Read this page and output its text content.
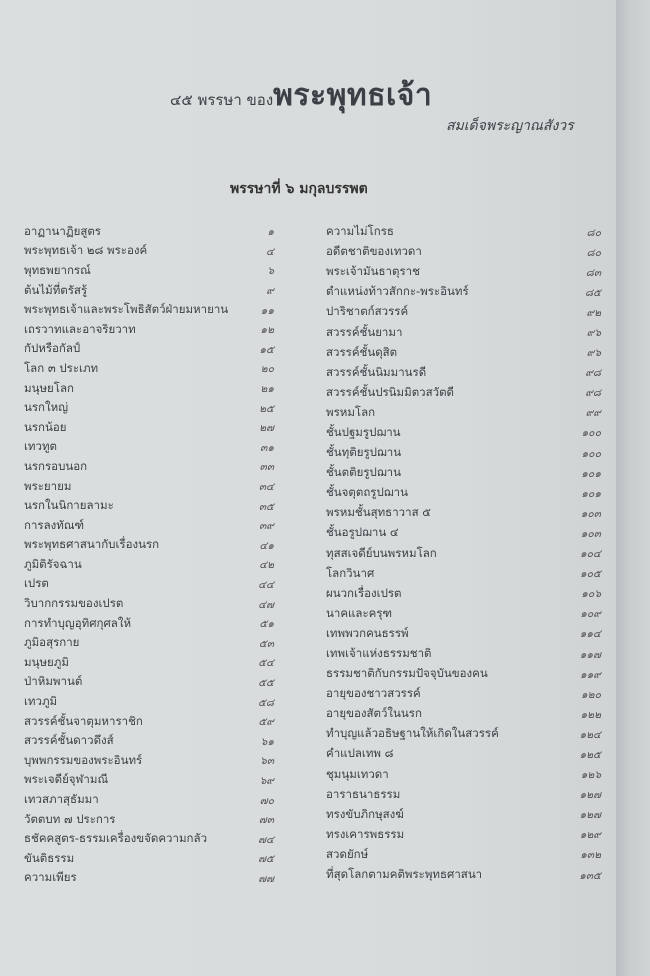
๔๕ พรรษา ของพระพุทธเจ้า
สมเด็จพระญาณสังวร
พรรษาที่ ๖ มกุลบรรพต
อาฏานาฏิยสูตร	๑
พระพุทธเจ้า ๒๘ พระองค์	๔
พุทธพยากรณ์	๖
ต้นไม้ที่ตรัสรู้	๙
พระพุทธเจ้าและพระโพธิสัตว์ฝ่ายมหายาน	๑๑
เถรวาทและอาจริยวาท	๑๒
กัปหรือกัลป์	๑๕
โลก ๓ ประเภท	๒๐
มนุษยโลก	๒๑
นรกใหญ่	๒๕
นรกน้อย	๒๗
เทวทูต	๓๑
นรกรอบนอก	๓๓
พระยายม	๓๔
นรกในนิกายลามะ	๓๕
การลงทัณฑ์	๓๙
พระพุทธศาสนากับเรื่องนรก	๔๑
ภูมิติรัจฉาน	๔๒
เปรต	๔๔
วิบากกรรมของเปรต	๔๗
การทำบุญอุทิศกุศลให้	๕๑
ภูมิอสุรกาย	๕๓
มนุษยภูมิ	๕๔
ป่าหิมพานต์	๕๕
เทวภูมิ	๕๘
สวรรค์ชั้นจาตุมหาราชิก	๕๙
สวรรค์ชั้นดาวดึงส์	๖๑
บุพพกรรมของพระอินทร์	๖๓
พระเจดีย์จุฬามณี	๖๙
เทวสภาสุธัมมา	๗๐
วัตตบท ๗ ประการ	๗๓
ธชัคคสูตร-ธรรมเครื่องขจัดความกลัว	๗๔
ขันติธรรม	๗๕
ความเพียร	๗๗
ความไม่โกรธ	๘๐
อดีตชาติของเทวดา	๘๐
พระเจ้ามันธาตุราช	๘๓
ตำแหน่งท้าวสักกะ-พระอินทร์	๘๕
ปาริชาตก์สวรรค์	๙๒
สวรรค์ชั้นยามา	๙๖
สวรรค์ชั้นดุสิต	๙๖
สวรรค์ชั้นนิมมานรดี	๙๘
สวรรค์ชั้นปรนิมมิตวสวัตดี	๙๘
พรหมโลก	๙๙
ชั้นปฐมรูปฌาน	๑๐๐
ชั้นทุติยรูปฌาน	๑๐๐
ชั้นตติยรูปฌาน	๑๐๑
ชั้นจตุตถรูปฌาน	๑๐๑
พรหมชั้นสุทธาวาส ๕	๑๐๓
ชั้นอรูปฌาน ๔	๑๐๓
ทุสสเจดีย์บนพรหมโลก	๑๐๔
โลกวินาศ	๑๐๕
ผนวกเรื่องเปรต	๑๐๖
นาคและครุฑ	๑๐๙
เทพพวกคนธรรพ์	๑๑๔
เทพเจ้าแห่งธรรมชาติ	๑๑๗
ธรรมชาติกับกรรมปัจจุบันของคน	๑๑๙
อายุของชาวสวรรค์	๑๒๐
อายุของสัตว์ในนรก	๑๒๒
ทำบุญแล้วอธิษฐานให้เกิดในสวรรค์	๑๒๔
คำแปลเทพ ๘	๑๒๕
ชุมนุมเทวดา	๑๒๖
อาราธนาธรรม	๑๒๗
ทรงขับภิกษุสงฆ์	๑๒๗
ทรงเคารพธรรม	๑๒๙
สวดยักษ์	๑๓๒
ที่สุดโลกตามคติพระพุทธศาสนา	๑๓๕
